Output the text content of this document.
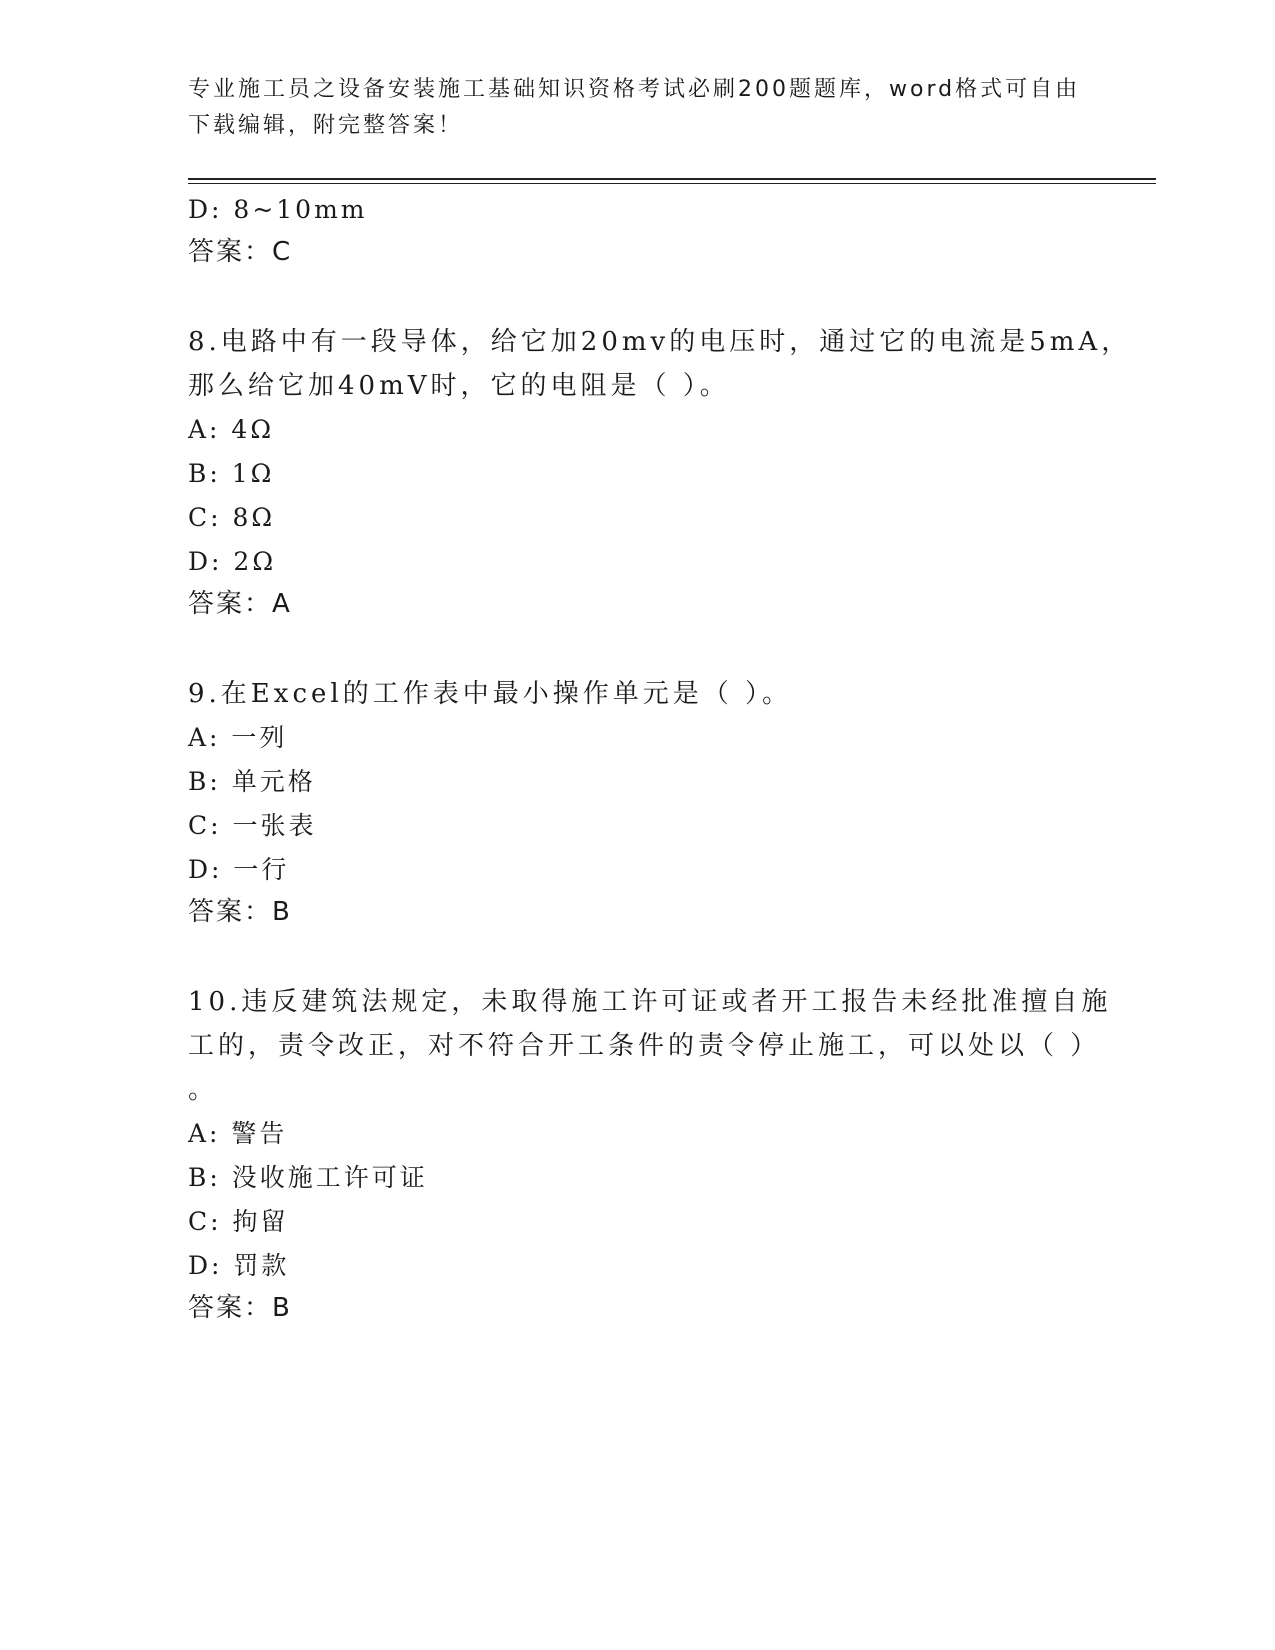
专业施工员之设备安装施工基础知识资格考试必刷200题题库，word格式可自由
下载编辑，附完整答案！
D: 8~10mm
答案：C
8.电路中有一段导体，给它加20mv的电压时，通过它的电流是5mA，
那么给它加40mV时，它的电阻是（ ）。
A: 4Ω
B: 1Ω
C: 8Ω
D: 2Ω
答案：A
9.在Excel的工作表中最小操作单元是（ ）。
A: 一列
B: 单元格
C: 一张表
D: 一行
答案：B
10.违反建筑法规定，未取得施工许可证或者开工报告未经批准擅自施
工的，责令改正，对不符合开工条件的责令停止施工，可以处以（ ）
。
A: 警告
B: 没收施工许可证
C: 拘留
D: 罚款
答案：B
